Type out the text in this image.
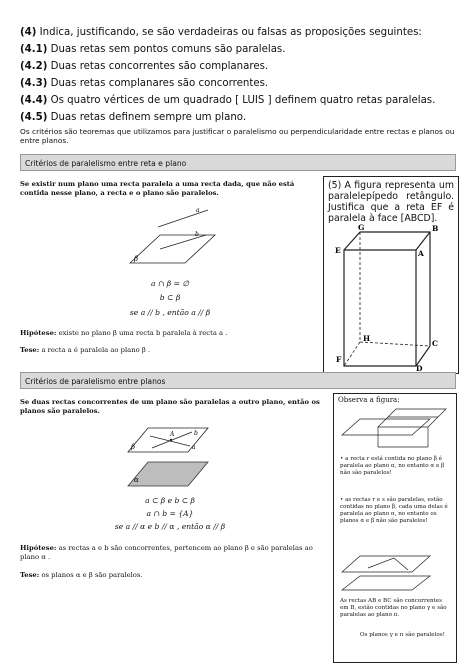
(4) Indica, justificando, se são verdadeiras ou falsas as proposições seguintes:
(4.1) Duas retas sem pontos comuns são paralelas.
(4.2) Duas retas concorrentes são complanares.
(4.3) Duas retas complanares são concorrentes.
(4.4) Os quatro vértices de um quadrado [ LUIS ] definem quatro retas paralelas.
(4.5) Duas retas definem sempre um plano.
Os critérios são teoremas que utilizamos para justificar o paralelismo ou perpendicularidade entre rectas e planos ou entre planos.
Critérios de paralelismo entre reta e plano
Se existir num plano uma recta paralela a uma recta dada, que não está contida nesse plano, a recta e o plano são paralelos.
a
b
β
a ∩ β = ∅
b ⊂ β
se a // b , então a // β
Hipótese: existe no plano β uma recta b paralela à recta a .
Tese: a recta a é paralela ao plano β .
(5) A figura representa um paralelepípedo retângulo. Justifica que a reta EF é paralela à face [ABCD].
G	B
E	A
H
C
F
D
Critérios de paralelismo entre planos
Se duas rectas concorrentes de um plano são paralelas a outro plano, então os planos são paralelos.
β
α
a
b
A
a ⊂ β e b ⊂ β
a ∩ b = {A}
se a // α e b // α , então α // β
Hipótese: as rectas a e b são concorrentes, pertencem ao plano β e são paralelas ao plano α .
Tese: os planos α e β são paralelos.
Observa a figura:
• a recta r está contida no plano β é paralela ao plano α, no entanto α e β não são paralelos!
• as rectas r e s são paralelas, estão contidas no plano β, cada uma delas é paralela ao plano α, no entanto os planos α e β não são paralelos!
As rectas AB e BC são concorrentes em B, estão contidas no plano γ e são paralelas ao plano π.
Os planos γ e π são paralelos!
